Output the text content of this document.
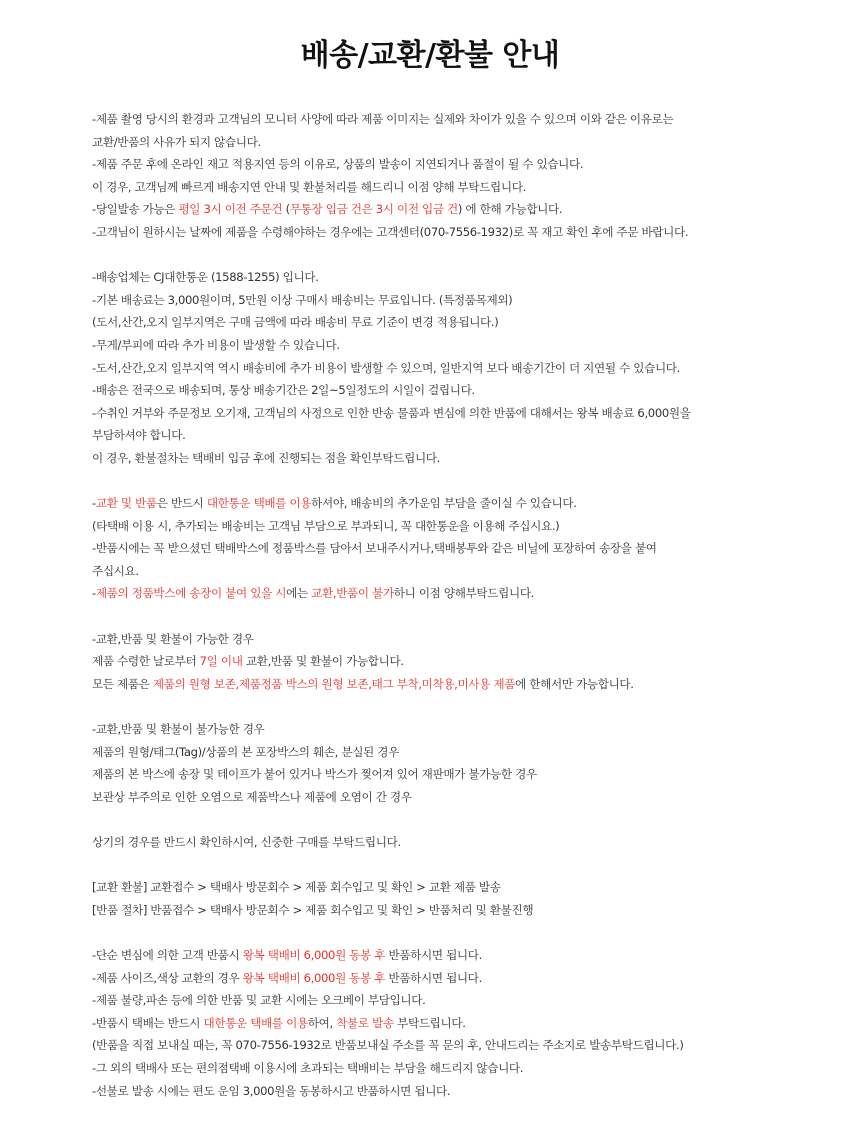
배송/교환/환불 안내
-제품 촬영 당시의 환경과 고객님의 모니터 사양에 따라 제품 이미지는 실제와 차이가 있을 수 있으며 이와 같은 이유로는
교환/반품의 사유가 되지 않습니다.
-제품 주문 후에 온라인 재고 적용지연 등의 이유로, 상품의 발송이 지연되거나 품절이 될 수 있습니다.
이 경우, 고객님께 빠르게 배송지연 안내 및 환불처리를 해드리니 이점 양해 부탁드립니다.
-당일발송 가능은 평일 3시 이전 주문건 (무통장 입금 건은 3시 이전 입금 건) 에 한해 가능합니다.
-고객님이 원하시는 날짜에 제품을 수령해야하는 경우에는 고객센터(070-7556-1932)로 꼭 재고 확인 후에 주문 바랍니다.
-배송업체는 CJ대한통운 (1588-1255) 입니다.
-기본 배송료는 3,000원이며, 5만원 이상 구매시 배송비는 무료입니다. (특정품목제외)
(도서,산간,오지 일부지역은 구매 금액에 따라 배송비 무료 기준이 변경 적용됩니다.)
-무게/부피에 따라 추가 비용이 발생할 수 있습니다.
-도서,산간,오지 일부지역 역시 배송비에 추가 비용이 발생할 수 있으며, 일반지역 보다 배송기간이 더 지연될 수 있습니다.
-배송은 전국으로 배송되며, 통상 배송기간은 2일~5일정도의 시일이 걸립니다.
-수취인 거부와 주문정보 오기재, 고객님의 사정으로 인한 반송 물품과 변심에 의한 반품에 대해서는 왕복 배송료 6,000원을
부담하셔야 합니다.
이 경우, 환불절차는 택배비 입금 후에 진행되는 점을 확인부탁드립니다.
-교환 및 반품은 반드시 대한통운 택배를 이용하셔야, 배송비의 추가운임 부담을 줄이실 수 있습니다.
(타택배 이용 시, 추가되는 배송비는 고객님 부담으로 부과되니, 꼭 대한통운을 이용해 주십시요.)
-반품시에는 꼭 받으셨던 택배박스에 정품박스를 담아서 보내주시거나,택배봉투와 같은 비닐에 포장하여 송장을 붙여
주십시요.
-제품의 정품박스에 송장이 붙여 있을 시에는 교환,반품이 불가하니 이점 양해부탁드립니다.
-교환,반품 및 환불이 가능한 경우
제품 수령한 날로부터 7일 이내 교환,반품 및 환불이 가능합니다.
모든 제품은 제품의 원형 보존,제품정품 박스의 원형 보존,태그 부착,미착용,미사용 제품에 한해서만 가능합니다.
-교환,반품 및 환불이 불가능한 경우
제품의 원형/태그(Tag)/상품의 본 포장박스의 훼손, 분실된 경우
제품의 본 박스에 송장 및 테이프가 붙어 있거나 박스가 찢어져 있어 재판매가 불가능한 경우
보관상 부주의로 인한 오염으로 제품박스나 제품에 오염이 간 경우
상기의 경우를 반드시 확인하시여, 신중한 구매를 부탁드립니다.
[교환 환불] 교환접수 > 택배사 방문회수 > 제품 회수입고 및 확인 > 교환 제품 발송
[반품 절차] 반품접수 > 택배사 방문회수 > 제품 회수입고 및 확인 > 반품처리 및 환불진행
-단순 변심에 의한 고객 반품시 왕복 택배비 6,000원 동봉 후 반품하시면 됩니다.
-제품 사이즈,색상 교환의 경우 왕복 택배비 6,000원 동봉 후 반품하시면 됩니다.
-제품 불량,파손 등에 의한 반품 및 교환 시에는 오크베이 부담입니다.
-반품시 택배는 반드시 대한통운 택배를 이용하여, 착불로 발송 부탁드립니다.
(반품을 직접 보내실 때는, 꼭 070-7556-1932로 반품보내실 주소를 꼭 문의 후, 안내드리는 주소지로 발송부탁드립니다.)
-그 외의 택배사 또는 편의점택배 이용시에 초과되는 택배비는 부담을 해드리지 않습니다.
-선불로 발송 시에는 편도 운임 3,000원을 동봉하시고 반품하시면 됩니다.
